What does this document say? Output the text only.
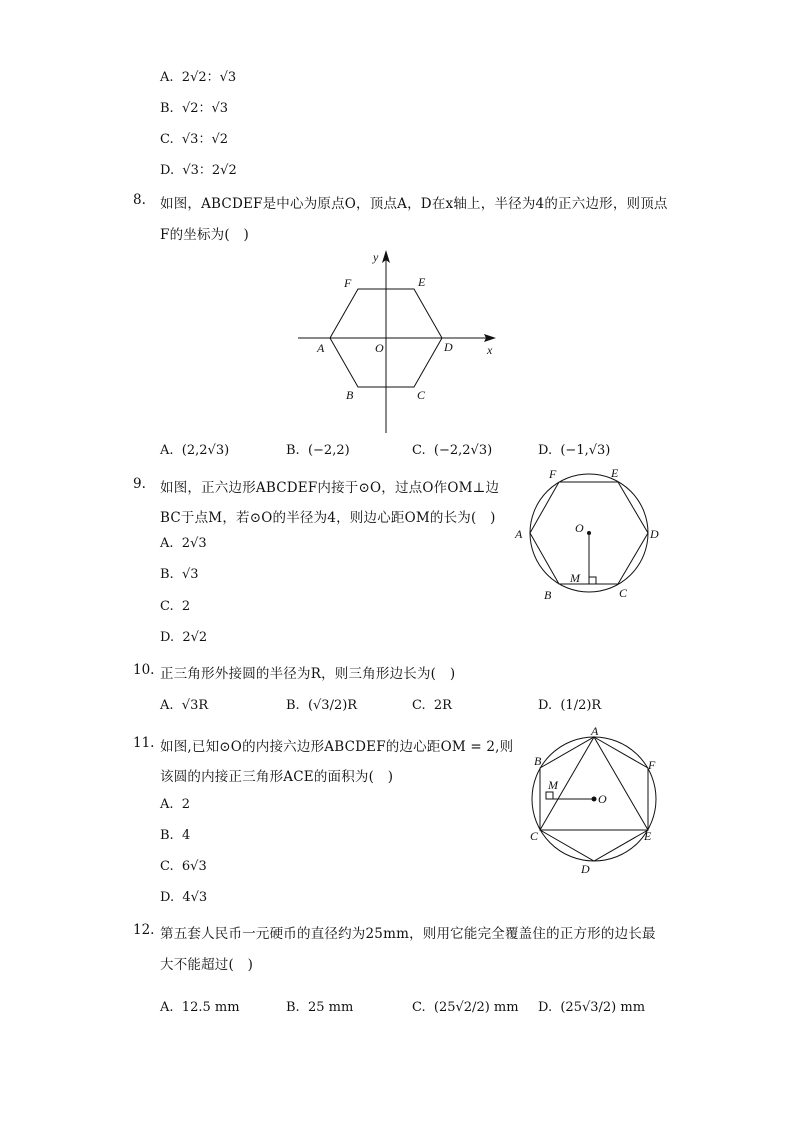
A. 2√2：√3
B. √2：√3
C. √3：√2
D. √3：2√2
8. 如图，ABCDEF是中心为原点O，顶点A，D在x轴上，半径为4的正六边形，则顶点
F的坐标为(　)
F	E
A	O	D
B	C
x
y
A. (2,2√3)	B. (−2,2)	C. (−2,2√3)	D. (−1,√3)
9. 如图，正六边形ABCDEF内接于⊙O，过点O作OM⊥边
BC于点M，若⊙O的半径为4，则边心距OM的长为(　)
F	E
A	O	D
M
B	C
A. 2√3
B. √3
C. 2
D. 2√2
10. 正三角形外接圆的半径为R，则三角形边长为(　)
A. √3R	B. (√3/2)R	C. 2R	D. (1/2)R
11. 如图,已知⊙O的内接六边形ABCDEF的边心距OM = 2,则
该圆的内接正三角形ACE的面积为(　)
A
B	F
M
O
C	E
D
A. 2
B. 4
C. 6√3
D. 4√3
12. 第五套人民币一元硬币的直径约为25mm，则用它能完全覆盖住的正方形的边长最
大不能超过(　)
A. 12.5 mm	B. 25 mm	C. (25√2/2) mm D. (25√3/2) mm
